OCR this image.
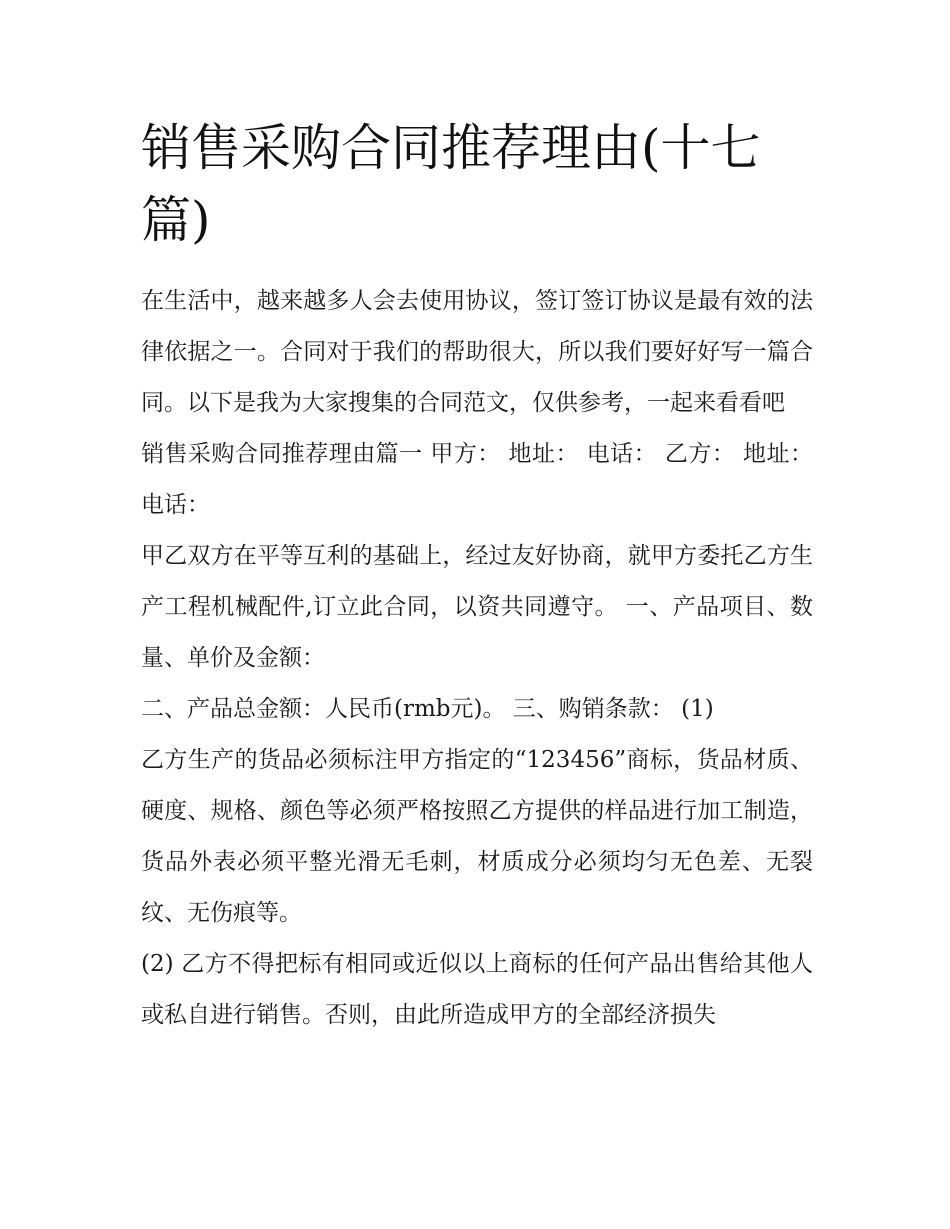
销售采购合同推荐理由(十七篇)

在生活中，越来越多人会去使用协议，签订签订协议是最有效的法律依据之一。合同对于我们的帮助很大，所以我们要好好写一篇合同。以下是我为大家搜集的合同范文，仅供参考，一起来看看吧

销售采购合同推荐理由篇一 甲方： 地址： 电话： 乙方： 地址： 电话：

甲乙双方在平等互利的基础上，经过友好协商，就甲方委托乙方生产工程机械配件,订立此合同，以资共同遵守。 一、产品项目、数量、单价及金额：

二、产品总金额：人民币(rmb元)。 三、购销条款： (1)

乙方生产的货品必须标注甲方指定的“123456”商标，货品材质、硬度、规格、颜色等必须严格按照乙方提供的样品进行加工制造，货品外表必须平整光滑无毛刺，材质成分必须均匀无色差、无裂纹、无伤痕等。

(2) 乙方不得把标有相同或近似以上商标的任何产品出售给其他人或私自进行销售。否则，由此所造成甲方的全部经济损失
